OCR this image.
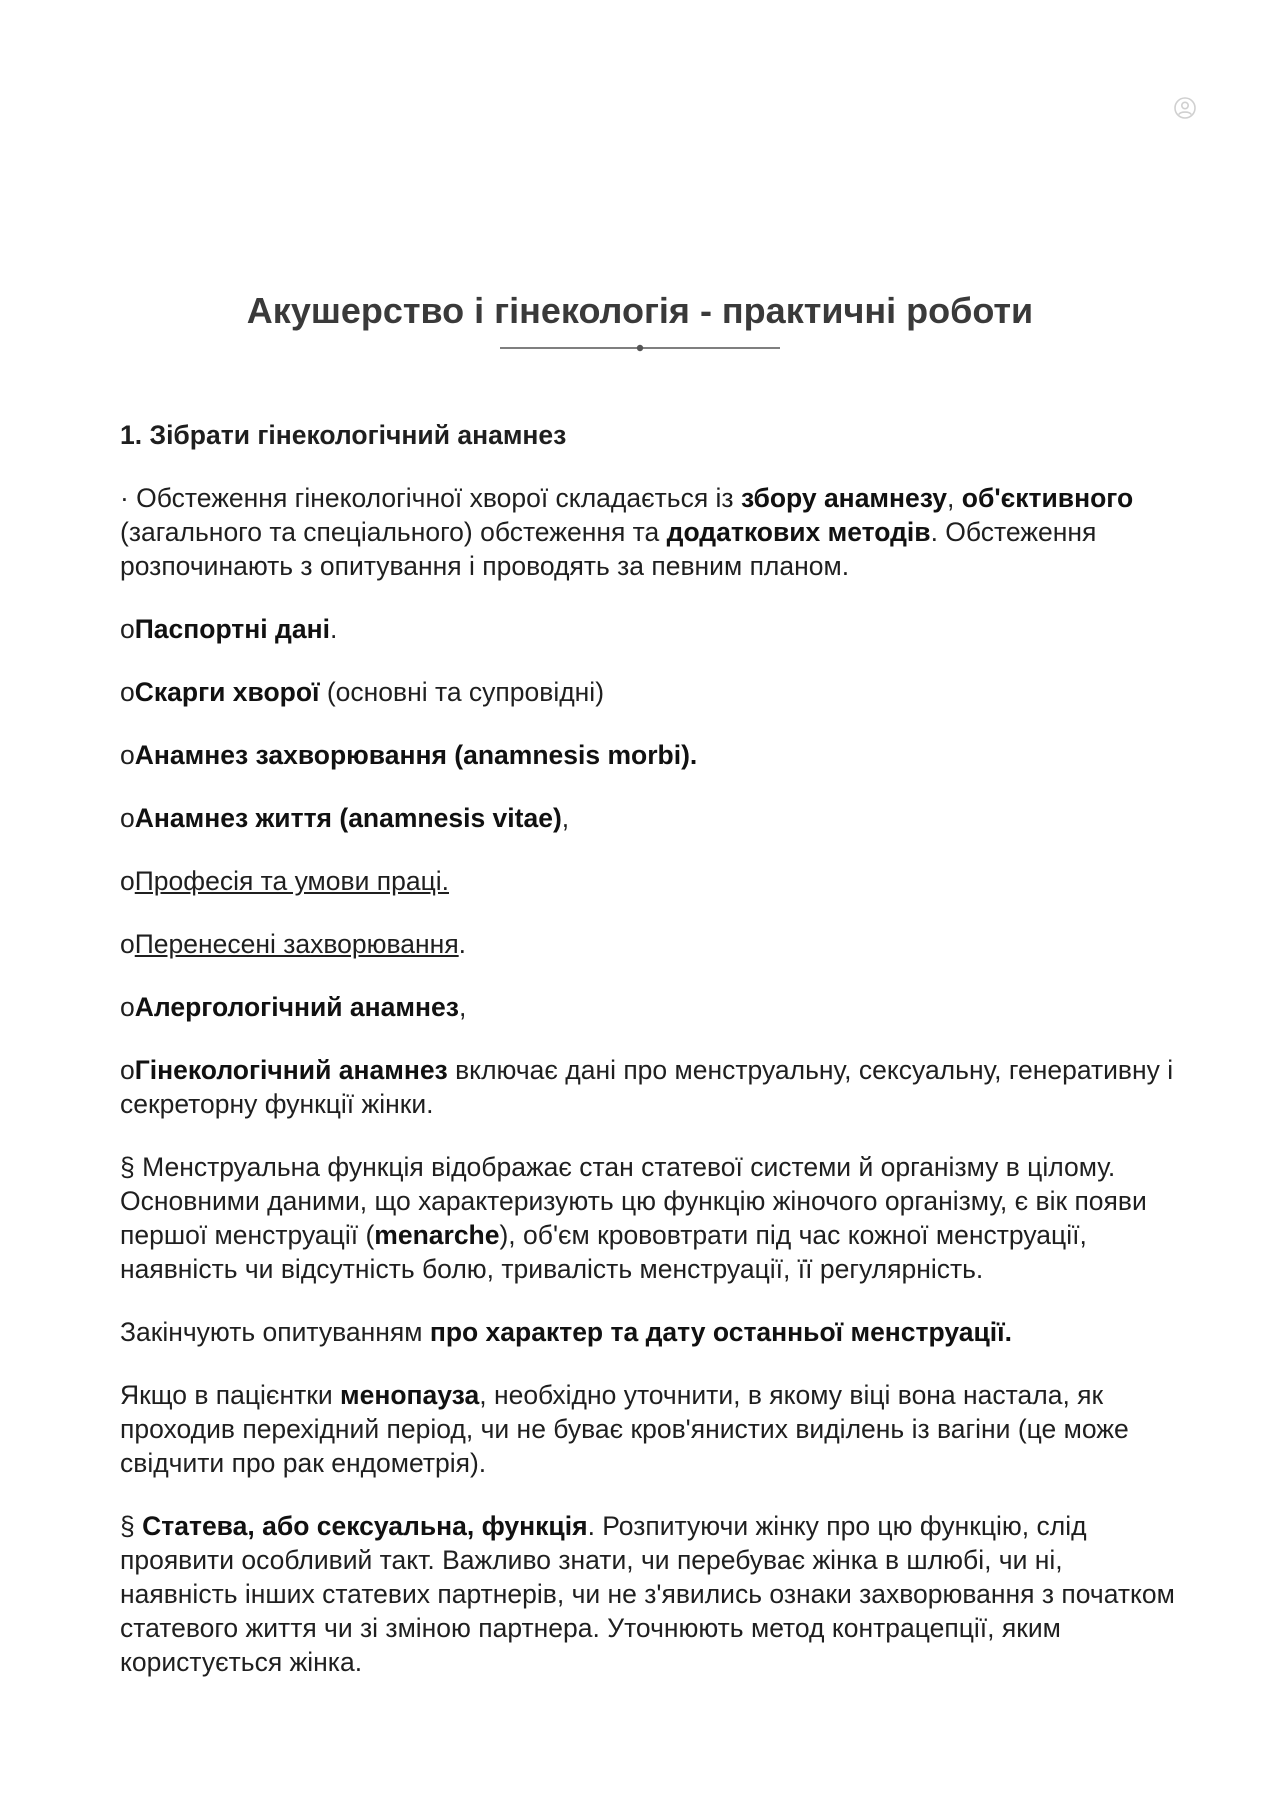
Акушерство і гінекологія - практичні роботи

1. Зібрати гінекологічний анамнез

· Обстеження гінекологічної хворої складається із збору анамнезу, об'єктивного (загального та спеціального) обстеження та додаткових методів. Обстеження розпочинають з опитування і проводять за певним планом.

oПаспортні дані.

oСкарги хворої (основні та супровідні)

oАнамнез захворювання (anamnesis morbi).

oАнамнез життя (anamnesis vitae),

oПрофесія та умови праці.

oПеренесені захворювання.

oАлергологічний анамнез,

oГінекологічний анамнез включає дані про менструальну, сексуальну, генеративну і секреторну функції жінки.

§ Менструальна функція відображає стан статевої системи й організму в цілому. Основними даними, що характеризують цю функцію жіночого організму, є вік появи першої менструації (menarche), об'єм крововтрати під час кожної менструації, наявність чи відсутність болю, тривалість менструації, її регулярність.

Закінчують опитуванням про характер та дату останньої менструації.

Якщо в пацієнтки менопауза, необхідно уточнити, в якому віці вона настала, як проходив перехідний період, чи не буває кров'янистих виділень із вагіни (це може свідчити про рак ендометрія).

§ Статева, або сексуальна, функція. Розпитуючи жінку про цю функцію, слід проявити особливий такт. Важливо знати, чи перебуває жінка в шлюбі, чи ні, наявність інших статевих партнерів, чи не з'явились ознаки захворювання з початком статевого життя чи зі зміною партнера. Уточнюють метод контрацепції, яким користується жінка.
